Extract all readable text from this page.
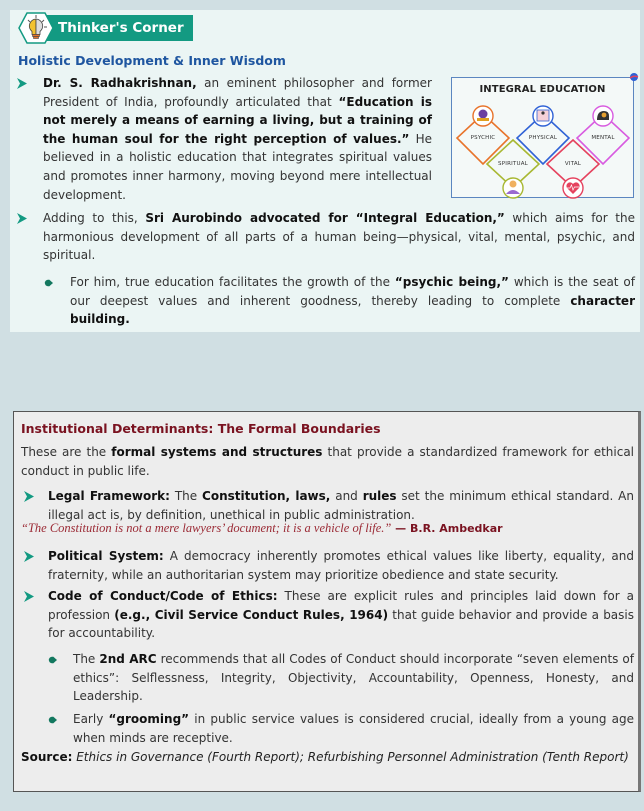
Thinker's Corner
Holistic Development & Inner Wisdom
Dr. S. Radhakrishnan, an eminent philosopher and former President of India, profoundly articulated that “Education is not merely a means of earning a living, but a training of the human soul for the right perception of values.” He believed in a holistic education that integrates spiritual values and promotes inner harmony, moving beyond mere intellectual development.
INTEGRAL EDUCATION
PSYCHIC	PHYSICAL	MENTAL
SPIRITUAL	VITAL
Adding to this, Sri Aurobindo advocated for “Integral Education,” which aims for the harmonious development of all parts of a human being—physical, vital, mental, psychic, and spiritual.
For him, true education facilitates the growth of the “psychic being,” which is the seat of our deepest values and inherent goodness, thereby leading to complete character building.
Institutional Determinants: The Formal Boundaries
These are the formal systems and structures that provide a standardized framework for ethical conduct in public life.
Legal Framework: The Constitution, laws, and rules set the minimum ethical standard. An illegal act is, by definition, unethical in public administration.
“The Constitution is not a mere lawyers’ document; it is a vehicle of life.” — B.R. Ambedkar
Political System: A democracy inherently promotes ethical values like liberty, equality, and fraternity, while an authoritarian system may prioritize obedience and state security.
Code of Conduct/Code of Ethics: These are explicit rules and principles laid down for a profession (e.g., Civil Service Conduct Rules, 1964) that guide behavior and provide a basis for accountability.
The 2nd ARC recommends that all Codes of Conduct should incorporate “seven elements of ethics”: Selflessness, Integrity, Objectivity, Accountability, Openness, Honesty, and Leadership.
Early “grooming” in public service values is considered crucial, ideally from a young age when minds are receptive.
Source: Ethics in Governance (Fourth Report); Refurbishing Personnel Administration (Tenth Report)
